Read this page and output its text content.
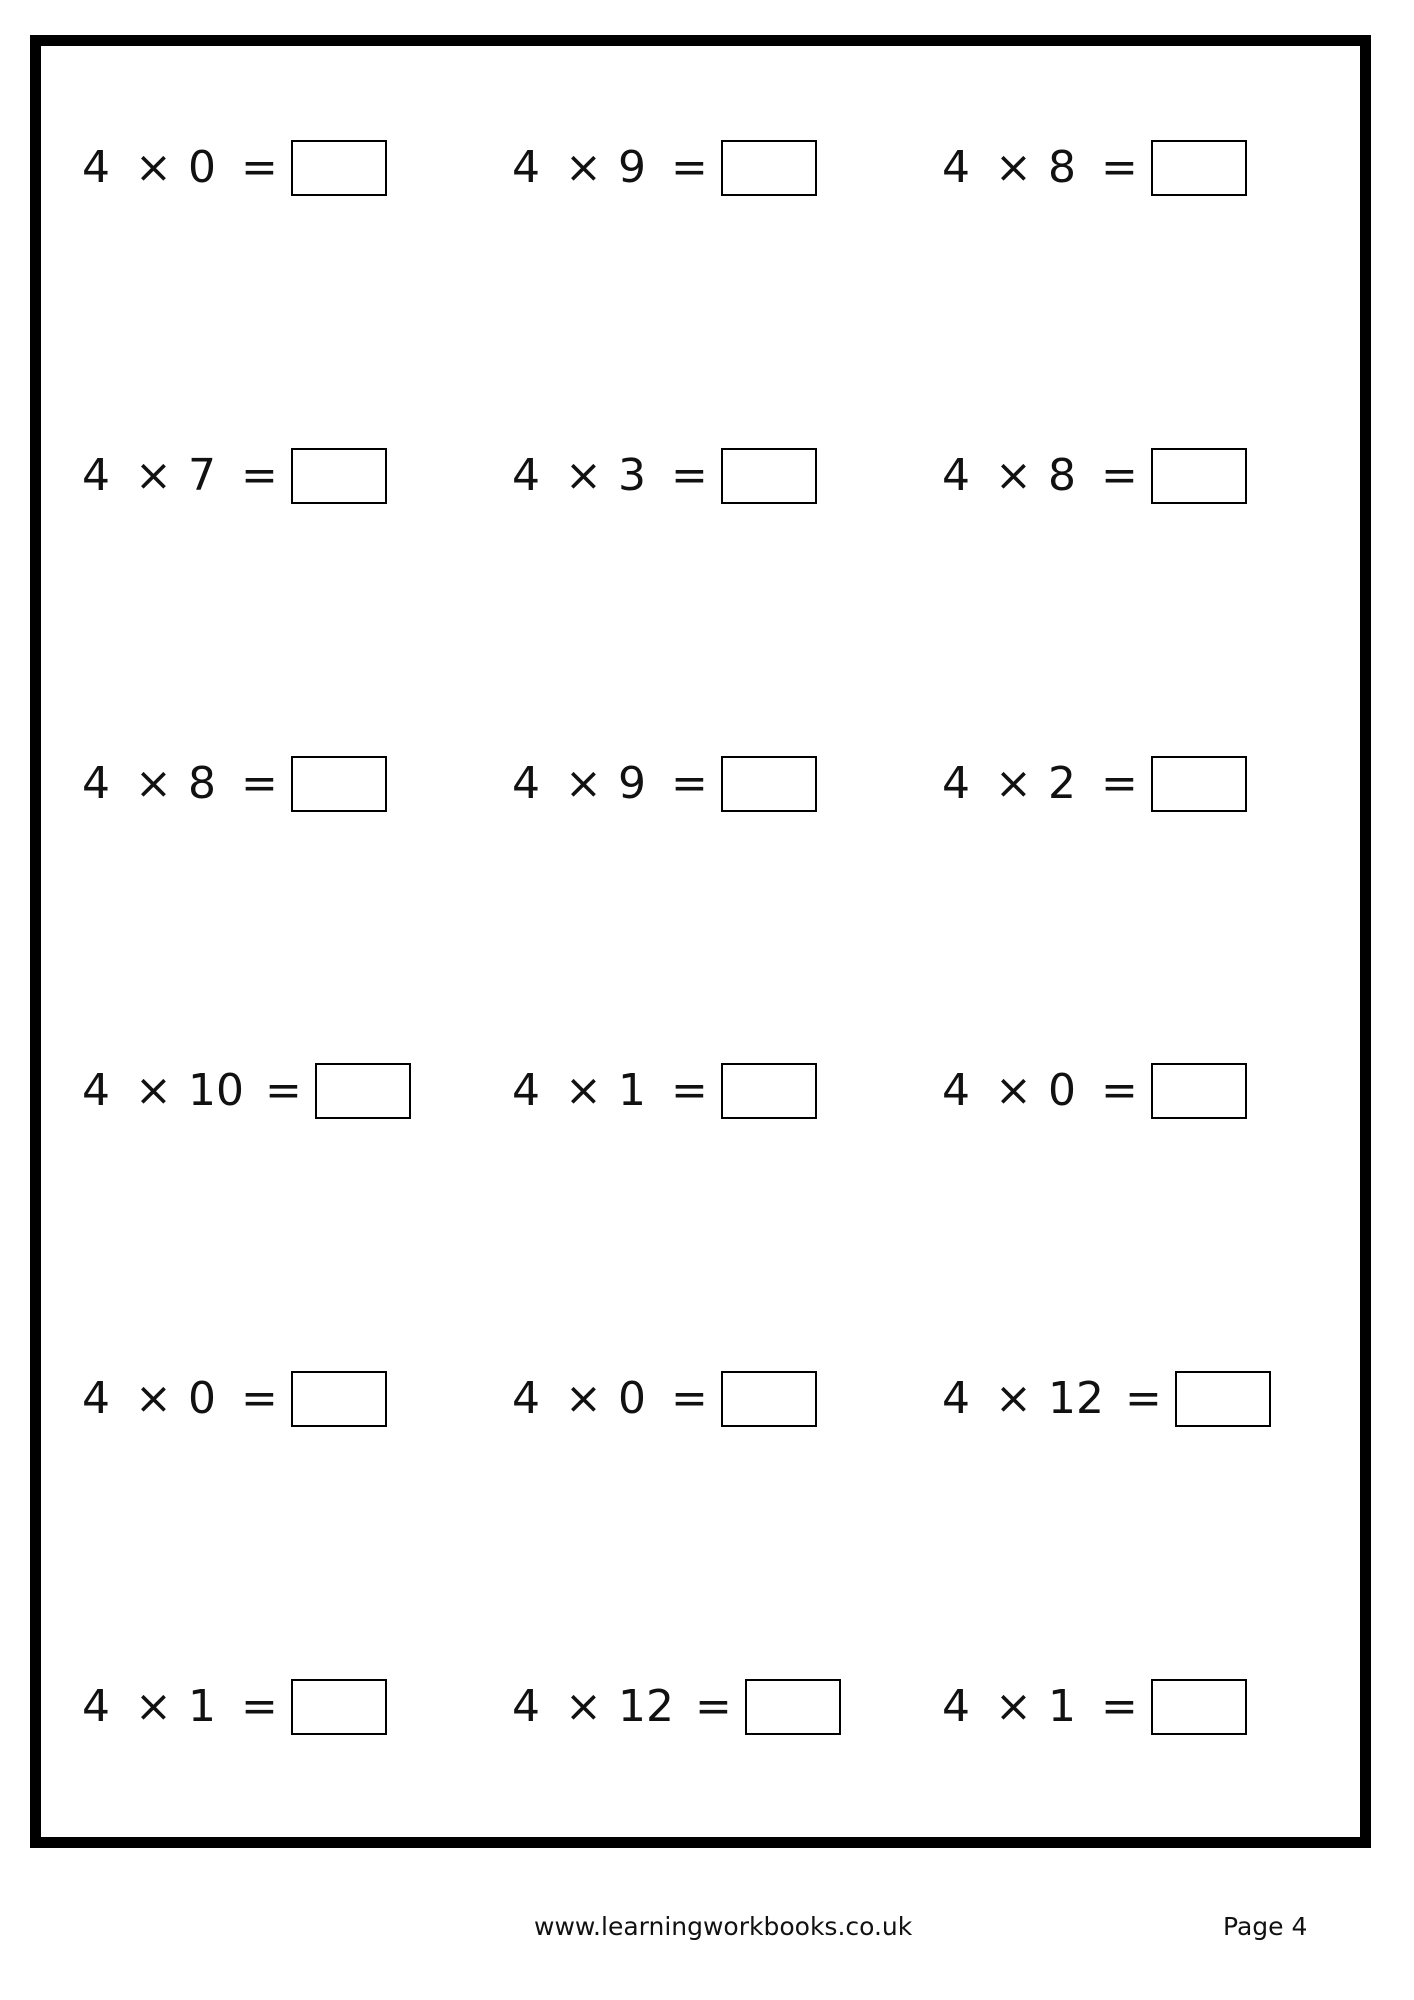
4 × 0 =	4 × 9 =	4 × 8 =
4 × 7 =	4 × 3 =	4 × 8 =
4 × 8 =	4 × 9 =	4 × 2 =
4 × 10 =	4 × 1 =	4 × 0 =
4 × 0 =	4 × 0 =	4 × 12 =
4 × 1 =	4 × 12 =	4 × 1 =
www.learningworkbooks.co.uk	Page 4
